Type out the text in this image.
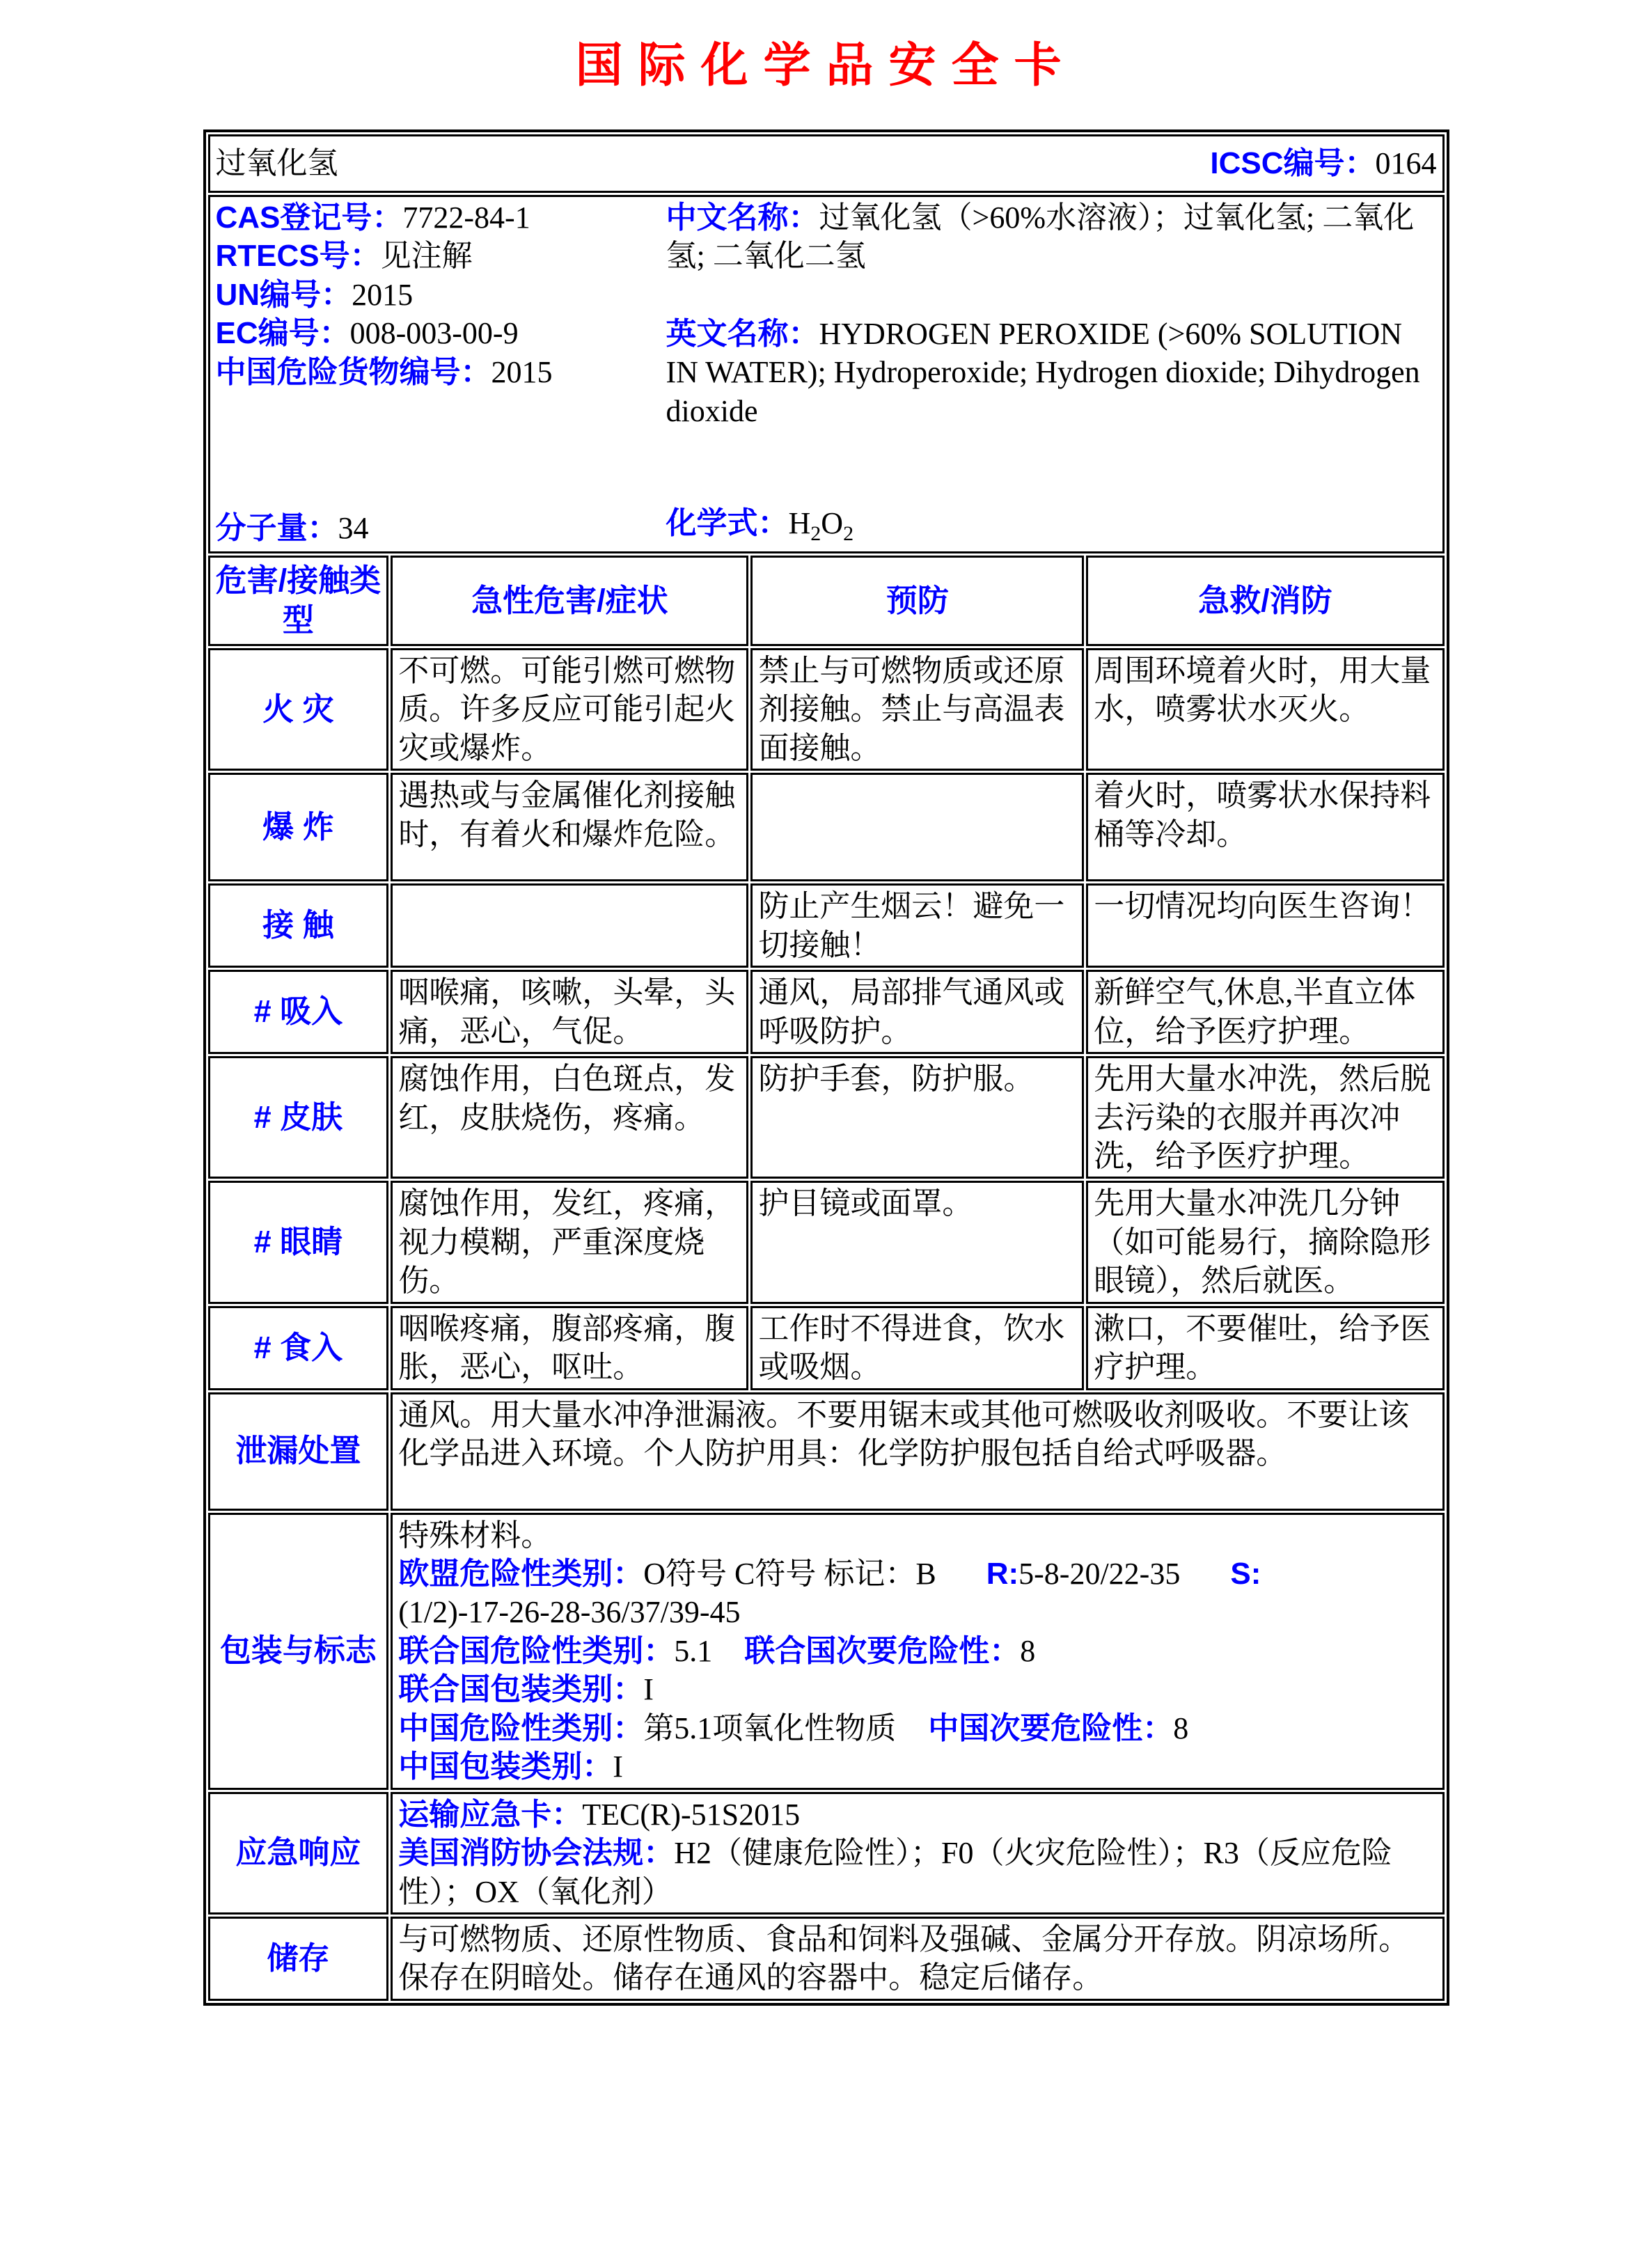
国际化学品安全卡
过氧化氢 ICSC编号：0164			

CAS登记号：7722-84-1

RTECS号：见注解

UN编号：2015

EC编号：008-003-00-9

中国危险货物编号：2015

分子量：34

中文名称：过氧化氢（>60%水溶液）；过氧化氢; 二氧化氢; 二氧化二氢

英文名称：HYDROGEN PEROXIDE (>60% SOLUTION IN WATER); Hydroperoxide; Hydrogen dioxide; Dihydrogen dioxide

化学式：$H_2O_2$

危害/接触类型	急性危害/症状	预防	急救/消防
火 灾	不可燃。可能引燃可燃物质。许多反应可能引起火灾或爆炸。	禁止与可燃物质或还原剂接触。禁止与高温表面接触。	周围环境着火时，用大量水，喷雾状水灭火。
爆 炸	遇热或与金属催化剂接触时，有着火和爆炸危险。		着火时，喷雾状水保持料桶等冷却。
接 触		防止产生烟云！避免一切接触！	一切情况均向医生咨询！
# 吸入	咽喉痛，咳嗽，头晕，头痛，恶心，气促。	通风，局部排气通风或呼吸防护。	新鲜空气,休息,半直立体位，给予医疗护理。
# 皮肤	腐蚀作用，白色斑点，发红，皮肤烧伤，疼痛。	防护手套，防护服。	先用大量水冲洗，然后脱去污染的衣服并再次冲洗，给予医疗护理。
# 眼睛	腐蚀作用，发红，疼痛，视力模糊，严重深度烧伤。	护目镜或面罩。	先用大量水冲洗几分钟（如可能易行，摘除隐形眼镜），然后就医。
# 食入	咽喉疼痛，腹部疼痛，腹胀，恶心，呕吐。	工作时不得进食，饮水或吸烟。	漱口，不要催吐，给予医疗护理。
泄漏处置	通风。用大量水冲净泄漏液。不要用锯末或其他可燃吸收剂吸收。不要让该化学品进入环境。个人防护用具：化学防护服包括自给式呼吸器。		
包装与标志	

特殊材料。

欧盟危险性类别：O符号 C符号 标记：B R:5-8-20/22-35 S:(1/2)-17-26-28-36/37/39-45

联合国危险性类别：5.1 联合国次要危险性：8

联合国包装类别：I

中国危险性类别：第5.1项氧化性物质 中国次要危险性：8

中国包装类别：I

应急响应	运输应急卡：TEC(R)-51S2015

美国消防协会法规：H2（健康危险性）；F0（火灾危险性）；R3（反应危险性）；OX（氧化剂）		

储存	与可燃物质、还原性物质、食品和饲料及强碱、金属分开存放。阴凉场所。保存在阴暗处。储存在通风的容器中。稳定后储存。		
